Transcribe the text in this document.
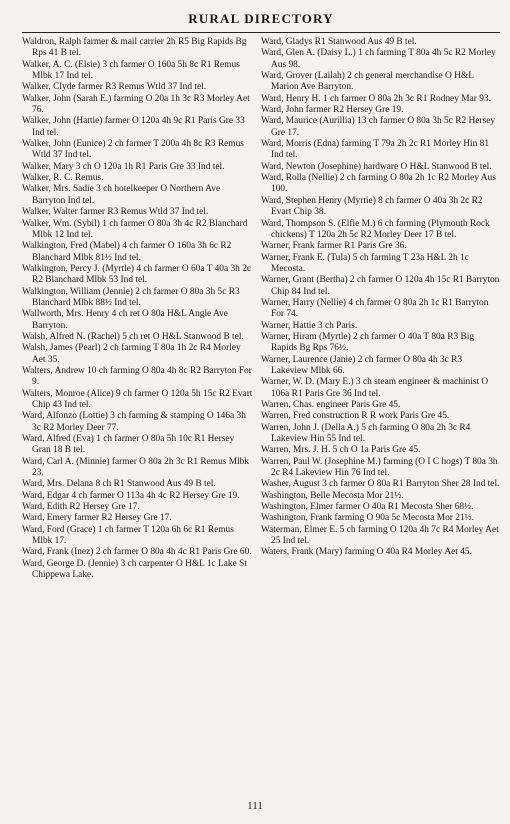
RURAL DIRECTORY

Waldron, Ralph farmer & mail carrier 2h R5 Big Rapids Bg Rps 41 B tel.

Walker, A. C. (Elsie) 3 ch farmer O 160a 5h 8c R1 Remus Mlbk 17 Ind tel.

Walker, Clyde farmer R3 Remus Wtld 37 Ind tel.

Walker, John (Sarah E.) farming O 20a 1h 3c R3 Morley Aet 76.

Walker, John (Hattie) farmer O 120a 4h 9c R1 Paris Gre 33 Ind tel.

Walker, John (Eunice) 2 ch farmer T 200a 4h 8c R3 Remus Wtld 37 Ind tel.

Walker, Mary 3 ch O 120a 1h R1 Paris Gre 33 Ind tel.

Walker, R. C. Remus.

Walker, Mrs. Sadie 3 ch hotelkeeper O Northern Ave Barryton Ind tel.

Walker, Walter farmer R3 Remus Wtld 37 Ind tel.

Walker, Wm. (Sybil) 1 ch farmer O 80a 3h 4c R2 Blanchard Mlbk 12 Ind tel.

Walkington, Fred (Mabel) 4 ch farmer O 160a 3h 6c R2 Blanchard Mlbk 81½ Ind tel.

Walkington, Percy J. (Myrtle) 4 ch farmer O 60a T 40a 3h 2c R2 Blanchard Mlbk 53 Ind tel.

Walkington, William (Jennie) 2 ch farmer O 80a 3h 5c R3 Blanchard Mlbk 88½ Ind tel.

Wallworth, Mrs. Henry 4 ch ret O 80a H&L Angle Ave Barryton.

Walsh, Alfred N. (Rachel) 5 ch ret O H&L Stanwood B tel.

Walsh, James (Pearl) 2 ch farming T 80a 1h 2c R4 Morley Aet 35.

Walters, Andrew 10 ch farming O 80a 4h 8c R2 Barryton For 9.

Walters, Monroe (Alice) 9 ch farmer O 120a 5h 15c R2 Evart Chip 43 Ind tel.

Ward, Alfonzo (Lottie) 3 ch farming & stamping O 146a 3h 3c R2 Morley Deer 77.

Ward, Alfred (Eva) 1 ch farmer O 80a 5h 10c R1 Hersey Gran 18 B tel.

Ward, Carl A. (Minnie) farmer O 80a 2h 3c R1 Remus Mlbk 23.

Ward, Mrs. Delana 8 ch R1 Stanwood Aus 49 B tel.

Ward, Edgar 4 ch farmer O 113a 4h 4c R2 Hersey Gre 19.

Ward, Edith R2 Hersey Gre 17.

Ward, Emery farmer R2 Hersey Gre 17.

Ward, Ford (Grace) 1 ch farmer T 120a 6h 6c R1 Remus Mlbk 17.

Ward, Frank (Inez) 2 ch farmer O 80a 4h 4c R1 Paris Gre 60.

Ward, George D. (Jennie) 3 ch carpenter O H&L 1c Lake St Chippewa Lake.

Ward, Gladys R1 Stanwood Aus 49 B tel.

Ward, Glen A. (Daisy L.) 1 ch farming T 80a 4h 5c R2 Morley Aus 98.

Ward, Grover (Lailah) 2 ch general merchandise O H&L Marion Ave Barryton.

Ward, Henry H. 1 ch farmer O 80a 2h 3c R1 Rodney Mar 93.

Ward, John farmer R2 Hersey Gre 19.

Ward, Maurice (Aurillia) 13 ch farmer O 80a 3h 5c R2 Hersey Gre 17.

Ward, Morris (Edna) farming T 79a 2h 2c R1 Morley Hin 81 Ind tel.

Ward, Newton (Josephine) hardware O H&L Stanwood B tel.

Ward, Rolla (Nellie) 2 ch farming O 80a 2h 1c R2 Morley Aus 100.

Ward, Stephen Henry (Myrtie) 8 ch farmer O 40a 3h 2c R2 Evart Chip 38.

Ward, Thompson S. (Elfie M.) 6 ch farming (Plymouth Rock chickens) T 120a 2h 5c R2 Morley Deer 17 B tel.

Warner, Frank farmer R1 Paris Gre 36.

Warner, Frank E. (Tula) 5 ch farming T 23a H&L 2h 1c Mecosta.

Warner, Grant (Bertha) 2 ch farmer O 120a 4h 15c R1 Barryton Chip 84 Ind tel.

Warner, Harry (Nellie) 4 ch farmer O 80a 2h 1c R1 Barryton For 74.

Warner, Hattie 3 ch Paris.

Warner, Hiram (Myrtle) 2 ch farmer O 40a T 80a R3 Big Rapids Bg Rps 76½.

Warner, Laurence (Janie) 2 ch farmer O 80a 4h 3c R3 Lakeview Mlbk 66.

Warner, W. D. (Mary E.) 3 ch steam engineer & machinist O 106a R1 Paris Gre 36 Ind tel.

Warren, Chas. engineer Paris Gre 45.

Warren, Fred construction R R work Paris Gre 45.

Warren, John J. (Della A.) 5 ch farming O 80a 2h 3c R4 Lakeview Hin 55 Ind tel.

Warren, Mrs. J. H. 5 ch O 1a Paris Gre 45.

Warren, Paul W. (Josephine M.) farming (O I C hogs) T 80a 3h 2c R4 Lakeview Hin 76 Ind tel.

Washer, August 3 ch farmer O 80a R1 Barryton Sher 28 Ind tel.

Washington, Belle Mecosta Mor 21½.

Washington, Elmer farmer O 40a R1 Mecosta Sher 68½.

Washington, Frank farming O 90a 5c Mecosta Mor 21½.

Waterman, Elmer E. 5 ch farming O 120a 4h 7c R4 Morley Aet 25 Ind tel.

Waters, Frank (Mary) farming O 40a R4 Morley Aet 45.

111
